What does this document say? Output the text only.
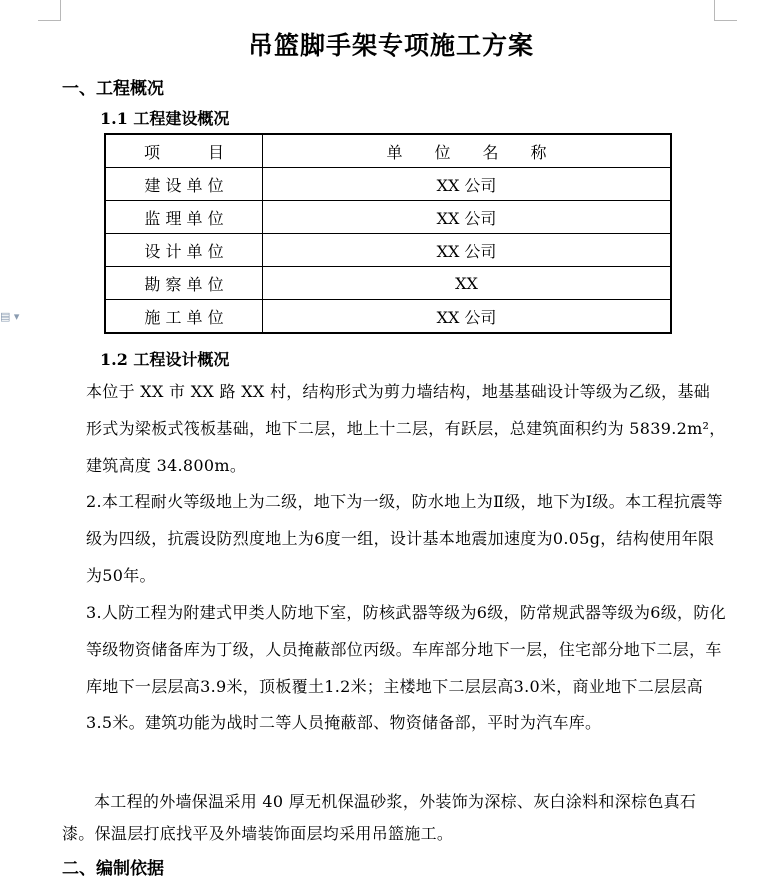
▤ ▾
吊篮脚手架专项施工方案
一、工程概况
1.1 工程建设概况
项　　　目	单　　位　　名　　称
建 设 单 位	XX 公司
监 理 单 位	XX 公司
设 计 单 位	XX 公司
勘 察 单 位	XX
施 工 单 位	XX 公司
1.2 工程设计概况

本位于 XX 市 XX 路 XX 村，结构形式为剪力墙结构，地基基础设计等级为乙级，基础形式为梁板式筏板基础，地下二层，地上十二层，有跃层，总建筑面积约为 5839.2m²，建筑高度 34.800m。

2.本工程耐火等级地上为二级，地下为一级，防水地上为Ⅱ级，地下为Ⅰ级。本工程抗震等级为四级，抗震设防烈度地上为6度一组，设计基本地震加速度为0.05g，结构使用年限为50年。

3.人防工程为附建式甲类人防地下室，防核武器等级为6级，防常规武器等级为6级，防化等级物资储备库为丁级，人员掩蔽部位丙级。车库部分地下一层，住宅部分地下二层，车库地下一层层高3.9米，顶板覆土1.2米；主楼地下二层层高3.0米，商业地下二层层高3.5米。建筑功能为战时二等人员掩蔽部、物资储备部，平时为汽车库。

本工程的外墙保温采用 40 厚无机保温砂浆，外装饰为深棕、灰白涂料和深棕色真石漆。保温层打底找平及外墙装饰面层均采用吊篮施工。

二、编制依据
